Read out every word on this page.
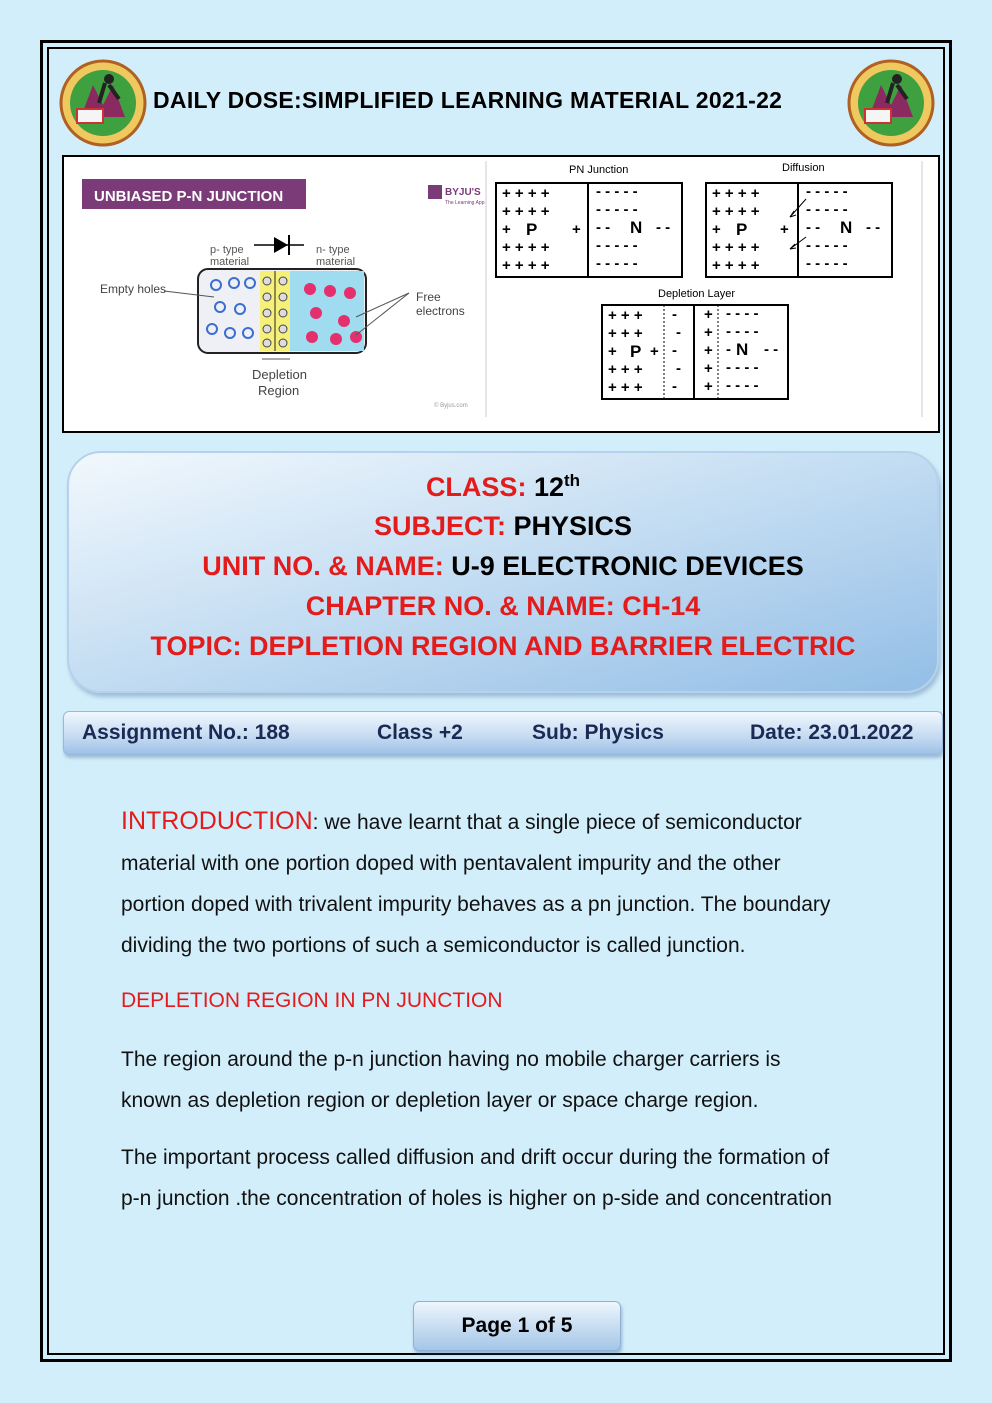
DAILY DOSE:SIMPLIFIED LEARNING MATERIAL 2021-22
UNBIASED P-N JUNCTION	BYJU'S
The Learning App
p- type
material
n- type
material
Empty holes
Free
electrons
Depletion
Region
© Byjus.com
PN Junction
+ + + +
+ + + +
+	+
+ + + +
+ + + +
- - - - -
- - - - -
- -	- -
- - - - -
- - - - -
P	N
Diffusion
+ + + +
+ + + +
+	+
+ + + +
+ + + +
- - - - -
- - - - -
- -	- -
- - - - -
- - - - -
P	N
Depletion Layer
+ + +
+ + +
+ +
+ + +
+ + +
-
-
-
-
-
+
+
+
+
+
- - - -
- - - -
- - -
- - - -
- - - -
P	N
CLASS: 12th
SUBJECT: PHYSICS
UNIT NO. & NAME: U-9 ELECTRONIC DEVICES
CHAPTER NO. & NAME: CH-14
TOPIC: DEPLETION REGION AND BARRIER ELECTRIC
Assignment No.: 188	Class +2	Sub: Physics	Date: 23.01.2022
INTRODUCTION: we have learnt that a single piece of semiconductor
material with one portion doped with pentavalent impurity and the other
portion doped with trivalent impurity behaves as a pn junction. The boundary
dividing the two portions of such a semiconductor is called junction.
DEPLETION REGION IN PN JUNCTION
The region around the p-n junction having no mobile charger carriers is
known as depletion region or depletion layer or space charge region.
The important process called diffusion and drift occur during the formation of
p-n junction .the concentration of holes is higher on p-side and concentration
Page 1 of 5
